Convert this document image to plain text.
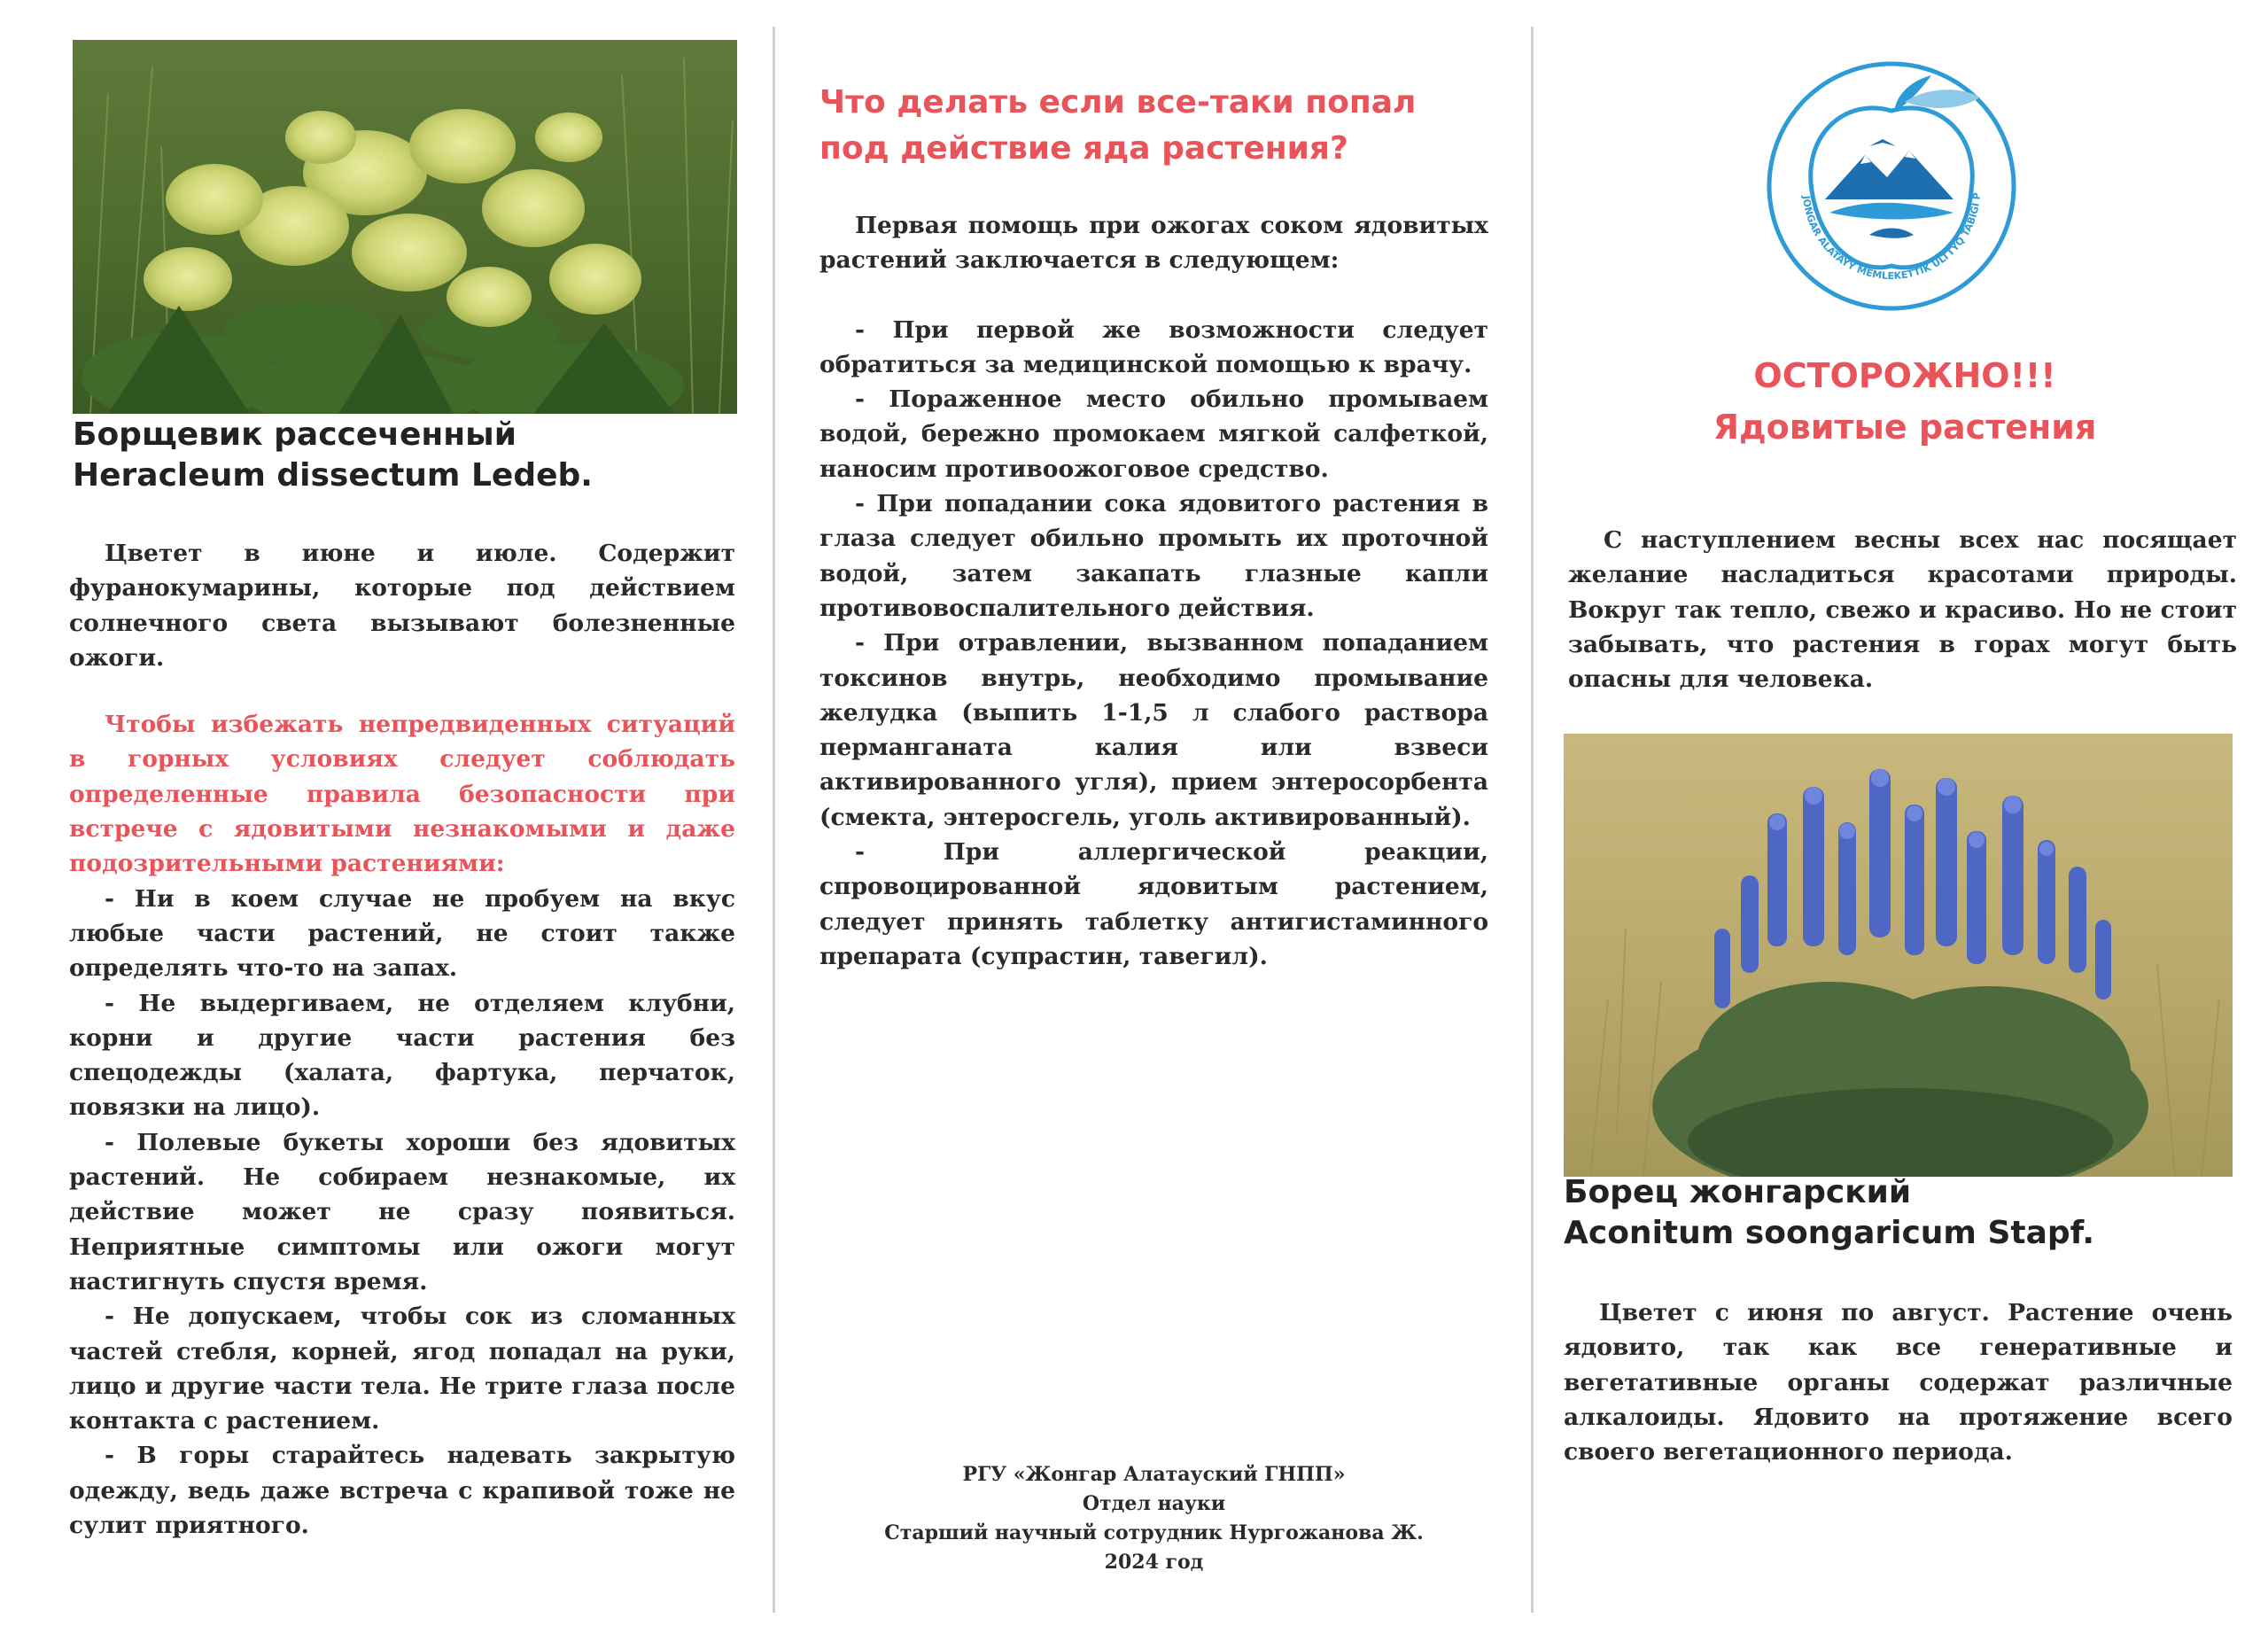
Борщевик рассеченный
Heracleum dissectum Ledeb.

Цветет в июне и июле. Содержит фуранокумарины, которые под действием солнечного света вызывают болезненные ожоги.

Чтобы избежать непредвиденных ситуаций в горных условиях следует соблюдать определенные правила безопасности при встрече с ядовитыми незнакомыми и даже подозрительными растениями:

- Ни в коем случае не пробуем на вкус любые части растений, не стоит также определять что-то на запах.

- Не выдергиваем, не отделяем клубни, корни и другие части растения без спецодежды (халата, фартука, перчаток, повязки на лицо).

- Полевые букеты хороши без ядовитых растений. Не собираем незнакомые, их действие может не сразу появиться. Неприятные симптомы или ожоги могут настигнуть спустя время.

- Не допускаем, чтобы сок из сломанных частей стебля, корней, ягод попадал на руки, лицо и другие части тела. Не трите глаза после контакта с растением.

- В горы старайтесь надевать закрытую одежду, ведь даже встреча с крапивой тоже не сулит приятного.

Что делать если все-таки попал под действие яда растения?

Первая помощь при ожогах соком ядовитых растений заключается в следующем:

- При первой же возможности следует обратиться за медицинской помощью к врачу.

- Пораженное место обильно промываем водой, бережно промокаем мягкой салфеткой, наносим противоожоговое средство.

- При попадании сока ядовитого растения в глаза следует обильно промыть их проточной водой, затем закапать глазные капли противовоспалительного действия.

- При отравлении, вызванном попаданием токсинов внутрь, необходимо промывание желудка (выпить 1-1,5 л слабого раствора перманганата калия или взвеси активированного угля), прием энтеросорбента (смекта, энтеросгель, уголь активированный).

- При аллергической реакции, спровоцированной ядовитым растением, следует принять таблетку антигистаминного препарата (супрастин, тавегил).

РГУ «Жонгар Алатауский ГНПП»
Отдел науки
Старший научный сотрудник Нургожанова Ж.
2024 год
JOŃGAR ALATAÝY MEMLEKETTIK ULTTYQ TABIĞI P
ОСТОРОЖНО!!!
Ядовитые растения

С наступлением весны всех нас посящает желание насладиться красотами природы. Вокруг так тепло, свежо и красиво. Но не стоит забывать, что растения в горах могут быть опасны для человека.

Борец жонгарский
Aconitum soongaricum Stapf.

Цветет с июня по август. Растение очень ядовито, так как все генеративные и вегетативные органы содержат различные алкалоиды. Ядовито на протяжение всего своего вегетационного периода.
